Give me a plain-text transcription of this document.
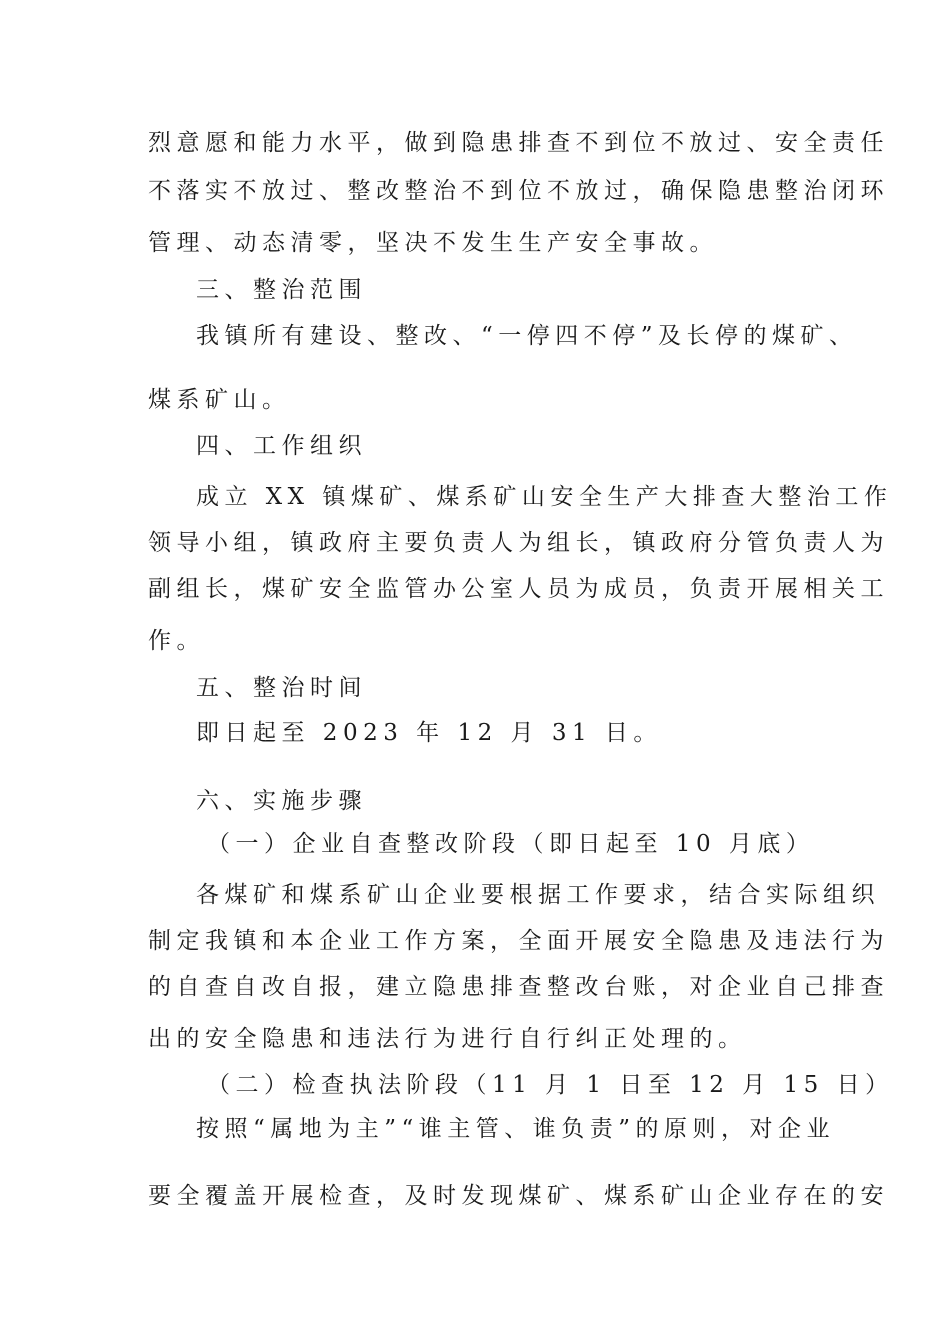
烈意愿和能力水平，做到隐患排查不到位不放过、安全责任
不落实不放过、整改整治不到位不放过，确保隐患整治闭环
管理、动态清零，坚决不发生生产安全事故。
三、整治范围
我镇所有建设、整改、“一停四不停”及长停的煤矿、
煤系矿山。
四、工作组织
成立 XX 镇煤矿、煤系矿山安全生产大排查大整治工作
领导小组，镇政府主要负责人为组长，镇政府分管负责人为
副组长，煤矿安全监管办公室人员为成员，负责开展相关工
作。
五、整治时间
即日起至 2023 年 12 月 31 日。
六、实施步骤
（一）企业自查整改阶段（即日起至 10 月底）
各煤矿和煤系矿山企业要根据工作要求，结合实际组织
制定我镇和本企业工作方案，全面开展安全隐患及违法行为
的自查自改自报，建立隐患排查整改台账，对企业自己排查
出的安全隐患和违法行为进行自行纠正处理的。
（二）检查执法阶段（11 月 1 日至 12 月 15 日）
按照“属地为主”“谁主管、谁负责”的原则，对企业
要全覆盖开展检查，及时发现煤矿、煤系矿山企业存在的安
